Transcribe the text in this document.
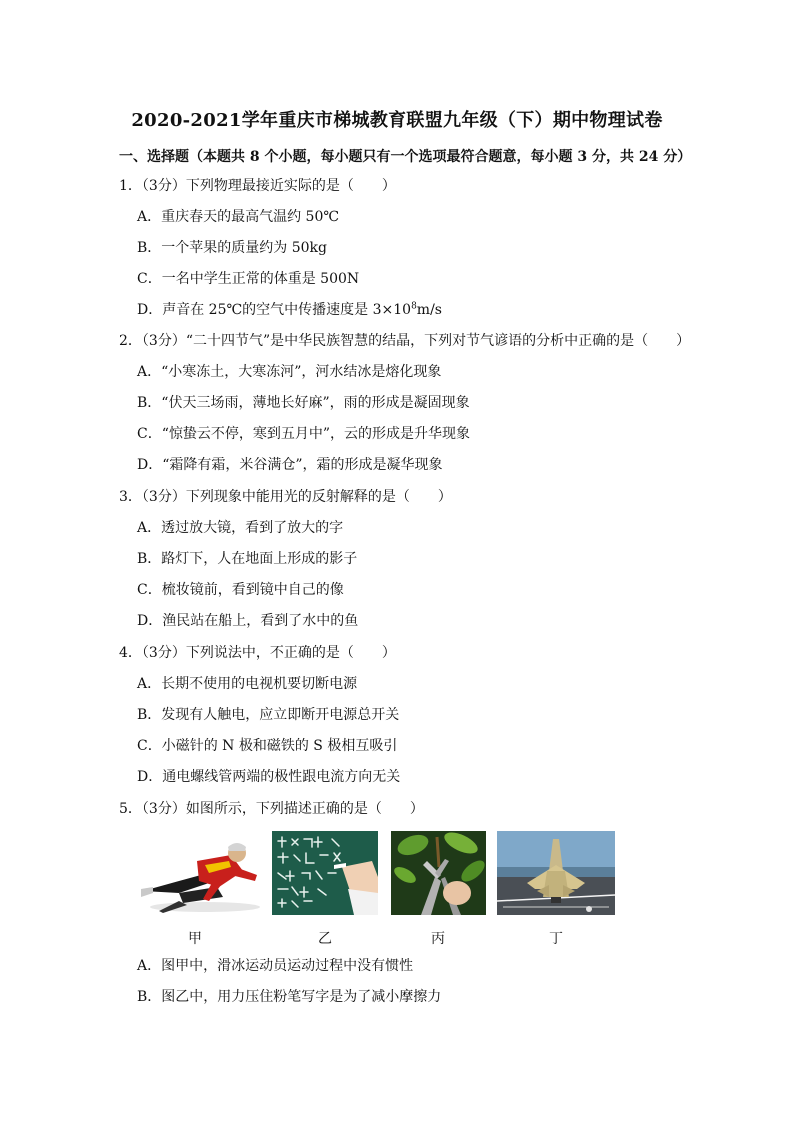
2020-2021学年重庆市梯城教育联盟九年级（下）期中物理试卷
一、选择题（本题共 8 个小题，每小题只有一个选项最符合题意，每小题 3 分，共 24 分）
1．（3分）下列物理最接近实际的是（　　）
A．重庆春天的最高气温约 50℃
B．一个苹果的质量约为 50kg
C．一名中学生正常的体重是 500N
D．声音在 25℃的空气中传播速度是 $3\times 10^8m/s$
2．（3分）“二十四节气”是中华民族智慧的结晶，下列对节气谚语的分析中正确的是（　　）
A．“小寒冻土，大寒冻河”，河水结冰是熔化现象
B．“伏天三场雨，薄地长好麻”，雨的形成是凝固现象
C．“惊蛰云不停，寒到五月中”，云的形成是升华现象
D．“霜降有霜，米谷满仓”，霜的形成是凝华现象
3．（3分）下列现象中能用光的反射解释的是（　　）
A．透过放大镜，看到了放大的字
B．路灯下，人在地面上形成的影子
C．梳妆镜前，看到镜中自己的像
D．渔民站在船上，看到了水中的鱼
4．（3分）下列说法中，不正确的是（　　）
A．长期不使用的电视机要切断电源
B．发现有人触电，应立即断开电源总开关
C．小磁针的 N 极和磁铁的 S 极相互吸引
D．通电螺线管两端的极性跟电流方向无关
5．（3分）如图所示，下列描述正确的是（　　）
甲	乙	丙	丁
A．图甲中，滑冰运动员运动过程中没有惯性
B．图乙中，用力压住粉笔写字是为了减小摩擦力
